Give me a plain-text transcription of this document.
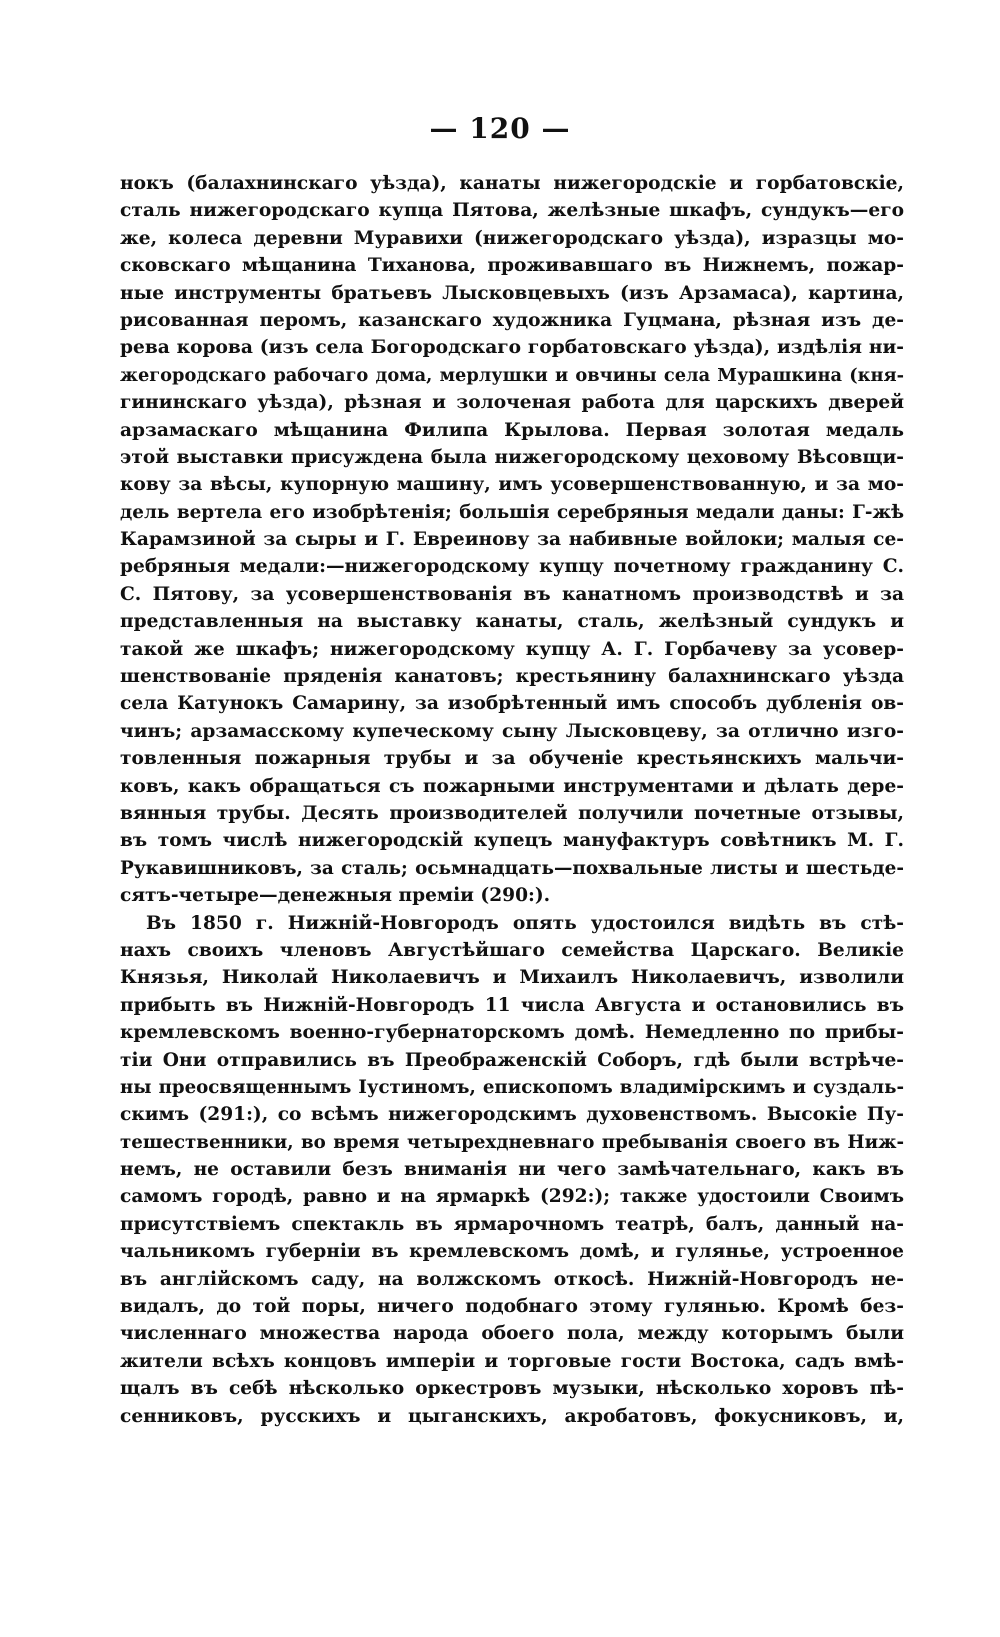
— 120 —
нокъ (балахнинскаго уѣзда), канаты нижегородскіе и горбатовскіе,
сталь нижегородскаго купца Пятова, желѣзные шкафъ, сундукъ—его
же, колеса деревни Муравихи (нижегородскаго уѣзда), изразцы мо-
сковскаго мѣщанина Тиханова, проживавшаго въ Нижнемъ, пожар-
ные инструменты братьевъ Лысковцевыхъ (изъ Арзамаса), картина,
рисованная перомъ, казанскаго художника Гуцмана, рѣзная изъ де-
рева корова (изъ села Богородскаго горбатовскаго уѣзда), издѣлія ни-
жегородскаго рабочаго дома, мерлушки и овчины села Мурашкина (кня-
гининскаго уѣзда), рѣзная и золоченая работа для царскихъ дверей
арзамаскаго мѣщанина Филипа Крылова. Первая золотая медаль
этой выставки присуждена была нижегородскому цеховому Вѣсовщи-
кову за вѣсы, купорную машину, имъ усовершенствованную, и за мо-
дель вертела его изобрѣтенія; большія серебряныя медали даны: Г-жѣ
Карамзиной за сыры и Г. Евреинову за набивные войлоки; малыя се-
ребряныя медали:—нижегородскому купцу почетному гражданину С.
С. Пятову, за усовершенствованія въ канатномъ производствѣ и за
представленныя на выставку канаты, сталь, желѣзный сундукъ и
такой же шкафъ; нижегородскому купцу А. Г. Горбачеву за усовер-
шенствованіе пряденія канатовъ; крестьянину балахнинскаго уѣзда
села Катунокъ Самарину, за изобрѣтенный имъ способъ дубленія ов-
чинъ; арзамасскому купеческому сыну Лысковцеву, за отлично изго-
товленныя пожарныя трубы и за обученіе крестьянскихъ мальчи-
ковъ, какъ обращаться съ пожарными инструментами и дѣлать дере-
вянныя трубы. Десять производителей получили почетные отзывы,
въ томъ числѣ нижегородскій купецъ мануфактуръ совѣтникъ М. Г.
Рукавишниковъ, за сталь; осьмнадцать—похвальные листы и шестьде-
сятъ-четыре—денежныя преміи (290:).
Въ 1850 г. Нижній-Новгородъ опять удостоился видѣть въ стѣ-
нахъ своихъ членовъ Августѣйшаго семейства Царскаго. Великіе
Князья, Николай Николаевичъ и Михаилъ Николаевичъ, изволили
прибыть въ Нижній-Новгородъ 11 числа Августа и остановились въ
кремлевскомъ военно-губернаторскомъ домѣ. Немедленно по прибы-
тіи Они отправились въ Преображенскій Соборъ, гдѣ были встрѣче-
ны преосвященнымъ Іустиномъ, епископомъ владимірскимъ и суздаль-
скимъ (291:), со всѣмъ нижегородскимъ духовенствомъ. Высокіе Пу-
тешественники, во время четырехдневнаго пребыванія своего въ Ниж-
немъ, не оставили безъ вниманія ни чего замѣчательнаго, какъ въ
самомъ городѣ, равно и на ярмаркѣ (292:); также удостоили Своимъ
присутствіемъ спектакль въ ярмарочномъ театрѣ, балъ, данный на-
чальникомъ губерніи въ кремлевскомъ домѣ, и гулянье, устроенное
въ англійскомъ саду, на волжскомъ откосѣ. Нижній-Новгородъ не-
видалъ, до той поры, ничего подобнаго этому гулянью. Кромѣ без-
численнаго множества народа обоего пола, между которымъ были
жители всѣхъ концовъ имперіи и торговые гости Востока, садъ вмѣ-
щалъ въ себѣ нѣсколько оркестровъ музыки, нѣсколько хоровъ пѣ-
сенниковъ, русскихъ и цыганскихъ, акробатовъ, фокусниковъ, и,
